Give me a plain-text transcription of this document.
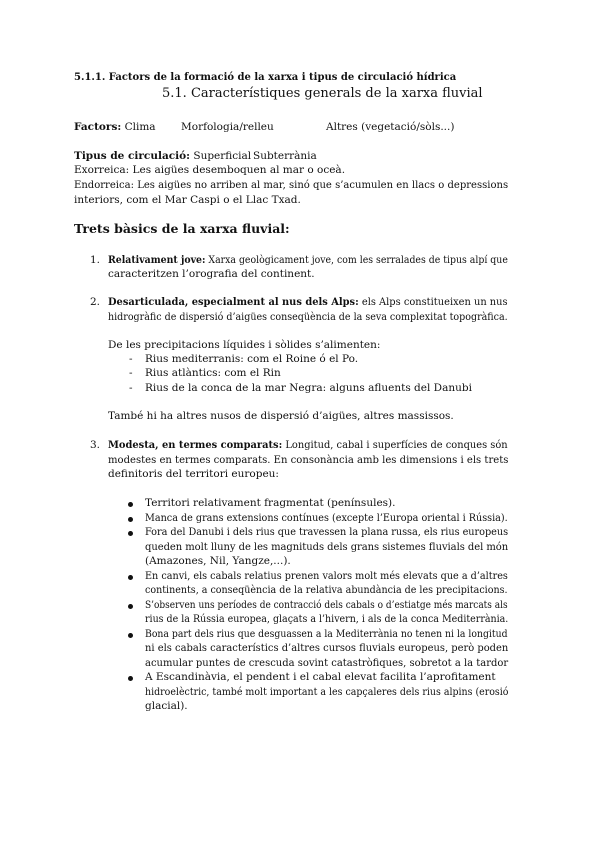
5.1.1. Factors de la formació de la xarxa i tipus de circulació hídrica
5.1. Característiques generals de la xarxa fluvial
Factors: Clima Morfologia/relleu	Altres (vegetació/sòls...)
Tipus de circulació: Superficial Subterrània
Exorreica: Les aigües desemboquen al mar o oceà.
Endorreica: Les aigües no arriben al mar, sinó que s’acumulen en llacs o depressions
interiors, com el Mar Caspi o el Llac Txad.
Trets bàsics de la xarxa fluvial:
1. Relativament jove: Xarxa geològicament jove, com les serralades de tipus alpí que
caracteritzen l’orografia del continent.
2. Desarticulada, especialment al nus dels Alps: els Alps constitueixen un nus
hidrogràfic de dispersió d’aigües conseqüència de la seva complexitat topogràfica.
De les precipitacions líquides i sòlides s’alimenten:
- Rius mediterranis: com el Roine ó el Po.
- Rius atlàntics: com el Rin
- Rius de la conca de la mar Negra: alguns afluents del Danubi
També hi ha altres nusos de dispersió d’aigües, altres massissos.
3. Modesta, en termes comparats: Longitud, cabal i superfícies de conques són
modestes en termes comparats. En consonància amb les dimensions i els trets
definitoris del territori europeu:
Territori relativament fragmentat (penínsules).
Manca de grans extensions contínues (excepte l’Europa oriental i Rússia).
Fora del Danubi i dels rius que travessen la plana russa, els rius europeus
queden molt lluny de les magnituds dels grans sistemes fluvials del món
(Amazones, Nil, Yangze,...).
En canvi, els cabals relatius prenen valors molt més elevats que a d’altres
continents, a conseqüència de la relativa abundància de les precipitacions.
S’observen uns períodes de contracció dels cabals o d’estiatge més marcats als
rius de la Rússia europea, glaçats a l’hivern, i als de la conca Mediterrània.
Bona part dels rius que desguassen a la Mediterrània no tenen ni la longitud
ni els cabals característics d’altres cursos fluvials europeus, però poden
acumular puntes de crescuda sovint catastròfiques, sobretot a la tardor
A Escandinàvia, el pendent i el cabal elevat facilita l’aprofitament
hidroelèctric, també molt important a les capçaleres dels rius alpins (erosió
glacial).
